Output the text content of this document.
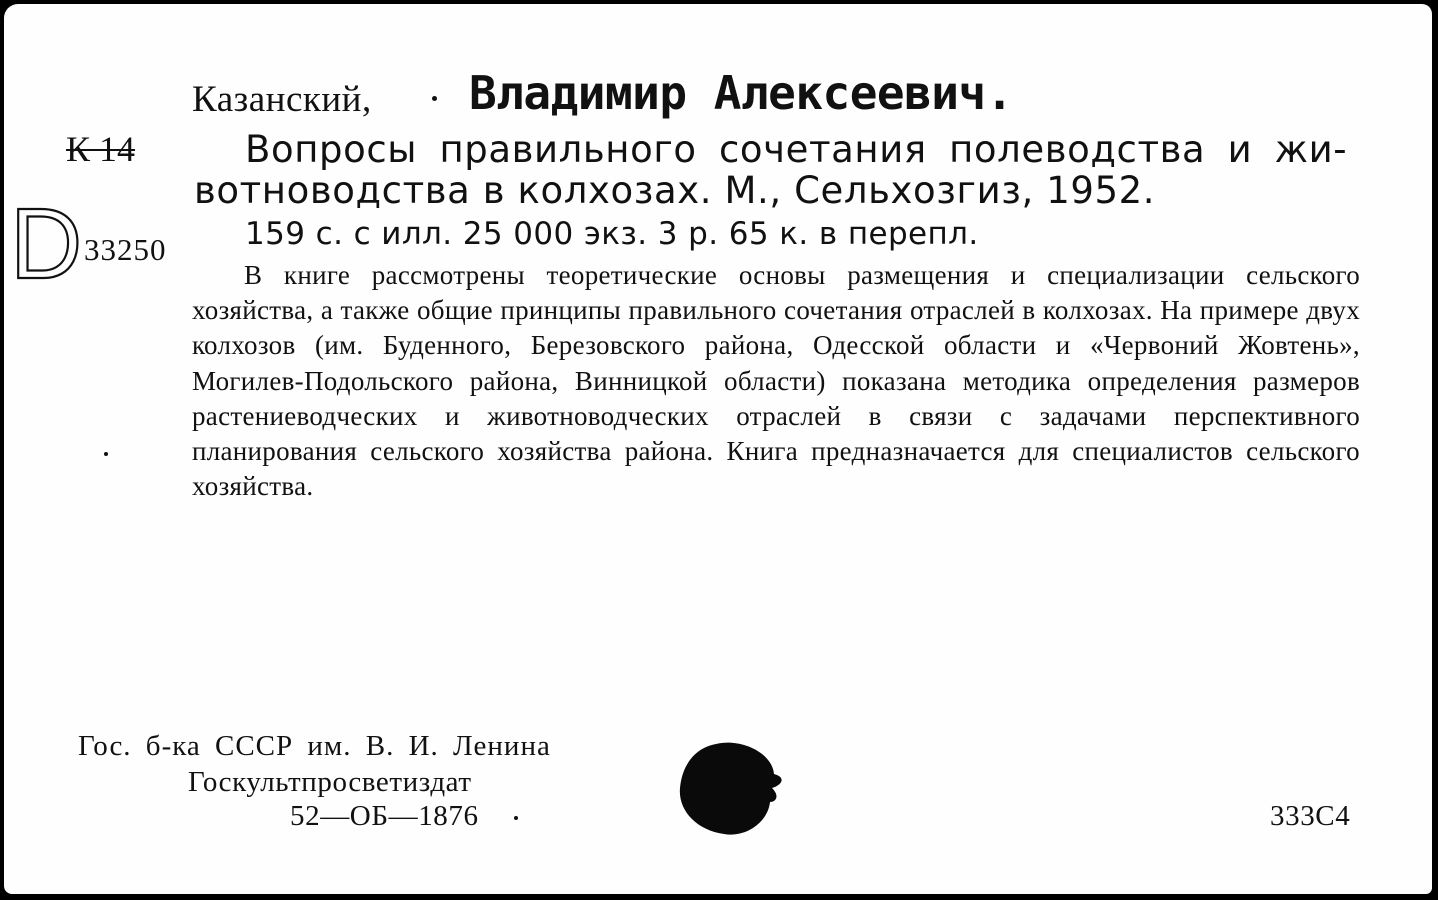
Казанский, Владимир Алексеевич.
К 14	Вопросы правильного сочетания полеводства и жи-
вотноводства в колхозах. М., Сельхозгиз, 1952.
D 33250	159 с. с илл. 25 000 экз. 3 р. 65 к. в перепл.

В книге рассмотрены теоретические основы размещения и специализации сельского хозяйства, а также общие принципы правильного сочетания отраслей в колхозах. На примере двух колхозов (им. Буденного, Березовского района, Одесской области и «Червоний Жовтень», Могилев-Подольского района, Винницкой области) показана методика определения размеров растениеводческих и животноводческих отраслей в связи с задачами перспективного планирования сельского хозяйства района. Книга предназначается для специалистов сельского хозяйства.

Гос. б-ка СССР им. В. И. Ленина
Госкультпросветиздат
52—ОБ—1876	333С4
